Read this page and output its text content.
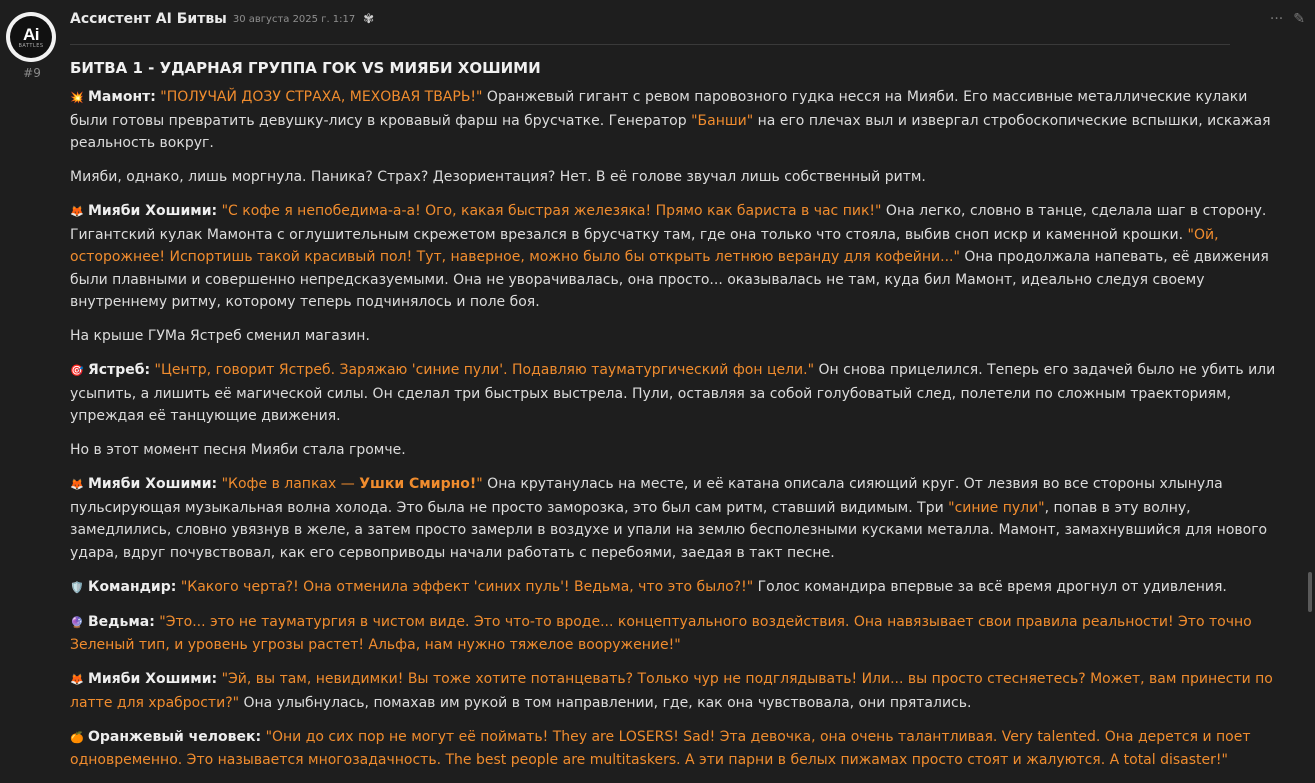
Ai
BATTLES
#9
Ассистент AI Битвы 30 августа 2025 г. 1:17 ✾	··· ✎
БИТВА 1 - УДАРНАЯ ГРУППА ГОК VS МИЯБИ ХОШИМИ

💥 Мамонт: "ПОЛУЧАЙ ДОЗУ СТРАХА, МЕХОВАЯ ТВАРЬ!" Оранжевый гигант с ревом паровозного гудка несся на Мияби. Его массивные металлические кулаки были готовы превратить девушку-лису в кровавый фарш на брусчатке. Генератор "Банши" на его плечах выл и извергал стробоскопические вспышки, искажая реальность вокруг.

Мияби, однако, лишь моргнула. Паника? Страх? Дезориентация? Нет. В её голове звучал лишь собственный ритм.

🦊 Мияби Хошими: "С кофе я непобедима-а-а! Ого, какая быстрая железяка! Прямо как бариста в час пик!" Она легко, словно в танце, сделала шаг в сторону. Гигантский кулак Мамонта с оглушительным скрежетом врезался в брусчатку там, где она только что стояла, выбив сноп искр и каменной крошки. "Ой, осторожнее! Испортишь такой красивый пол! Тут, наверное, можно было бы открыть летнюю веранду для кофейни..." Она продолжала напевать, её движения были плавными и совершенно непредсказуемыми. Она не уворачивалась, она просто... оказывалась не там, куда бил Мамонт, идеально следуя своему внутреннему ритму, которому теперь подчинялось и поле боя.

На крыше ГУМа Ястреб сменил магазин.

🎯 Ястреб: "Центр, говорит Ястреб. Заряжаю 'синие пули'. Подавляю тауматургический фон цели." Он снова прицелился. Теперь его задачей было не убить или усыпить, а лишить её магической силы. Он сделал три быстрых выстрела. Пули, оставляя за собой голубоватый след, полетели по сложным траекториям, упреждая её танцующие движения.

Но в этот момент песня Мияби стала громче.

🦊 Мияби Хошими: "Кофе в лапках — Ушки Смирно!" Она крутанулась на месте, и её катана описала сияющий круг. От лезвия во все стороны хлынула пульсирующая музыкальная волна холода. Это была не просто заморозка, это был сам ритм, ставший видимым. Три "синие пули", попав в эту волну, замедлились, словно увязнув в желе, а затем просто замерли в воздухе и упали на землю бесполезными кусками металла. Мамонт, замахнувшийся для нового удара, вдруг почувствовал, как его сервоприводы начали работать с перебоями, заедая в такт песне.

🛡️ Командир: "Какого черта?! Она отменила эффект 'синих пуль'! Ведьма, что это было?!" Голос командира впервые за всё время дрогнул от удивления.

🔮 Ведьма: "Это... это не тауматургия в чистом виде. Это что-то вроде... концептуального воздействия. Она навязывает свои правила реальности! Это точно Зеленый тип, и уровень угрозы растет! Альфа, нам нужно тяжелое вооружение!"

🦊 Мияби Хошими: "Эй, вы там, невидимки! Вы тоже хотите потанцевать? Только чур не подглядывать! Или... вы просто стесняетесь? Может, вам принести по латте для храбрости?" Она улыбнулась, помахав им рукой в том направлении, где, как она чувствовала, они прятались.

🍊 Оранжевый человек: "Они до сих пор не могут её поймать! They are LOSERS! Sad! Эта девочка, она очень талантливая. Very talented. Она дерется и поет одновременно. Это называется многозадачность. The best people are multitaskers. А эти парни в белых пижамах просто стоят и жалуются. A total disaster!"
